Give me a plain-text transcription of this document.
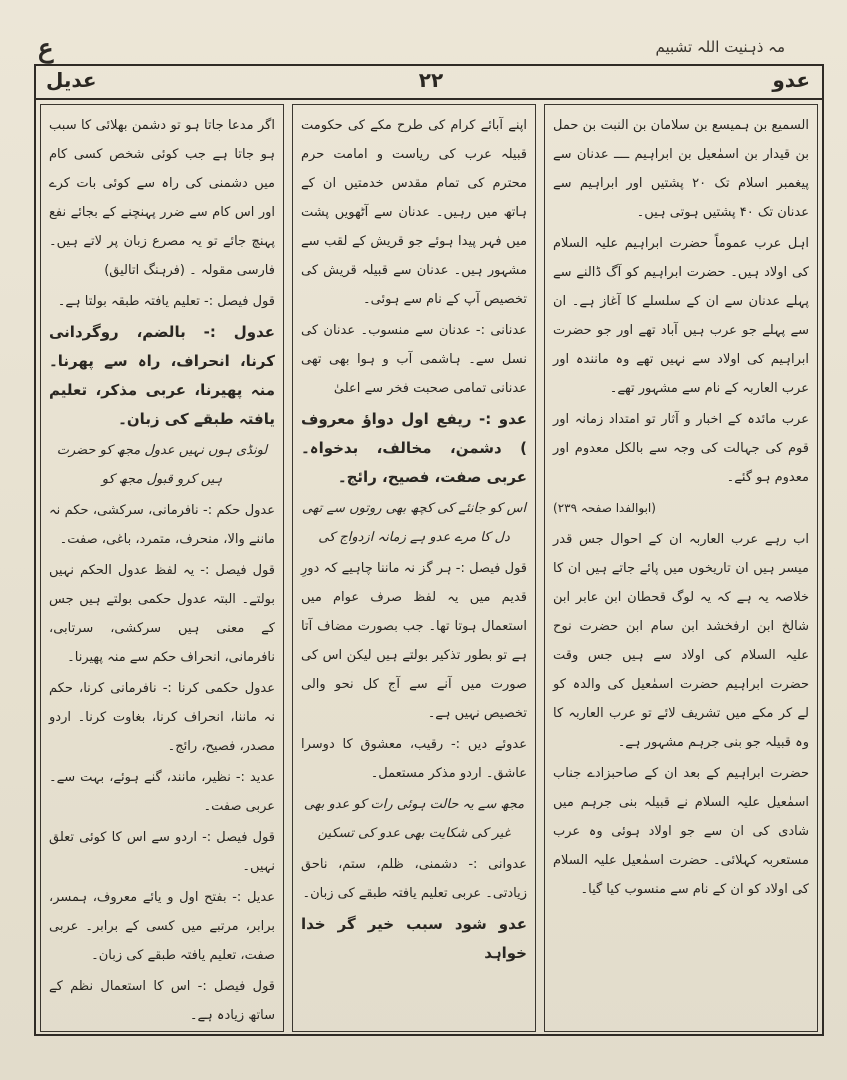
ع	مہ ذہنیت اللہ تشبیم
عدو
۲۲
عدیل

السمیع بن ہمیسع بن سلامان بن النبت بن حمل بن قیدار بن اسمٰعیل بن ابراہیم ــــ عدنان سے پیغمبر اسلام تک ۲۰ پشتیں اور ابراہیم سے عدنان تک ۴۰ پشتیں ہوتی ہیں۔

اہل عرب عموماً حضرت ابراہیم علیہ السلام کی اولاد ہیں۔ حضرت ابراہیم کو آگ ڈالنے سے پہلے عدنان سے ان کے سلسلے کا آغاز ہے۔ ان سے پہلے جو عرب ہیں آباد تھے اور جو حضرت ابراہیم کی اولاد سے نہیں تھے وہ مانندہ اور عرب العاربہ کے نام سے مشہور تھے۔

عرب مائدہ کے اخبار و آثار تو امتداد زمانہ اور قوم کی جہالت کی وجہ سے بالکل معدوم اور معدوم ہو گئے۔

(ابوالفدا صفحہ ۲۳۹)

اب رہے عرب العاربہ ان کے احوال جس قدر میسر ہیں ان تاریخوں میں پائے جاتے ہیں ان کا خلاصہ یہ ہے کہ یہ لوگ قحطان ابن عابر ابن شالخ ابن ارفخشد ابن سام ابن حضرت نوح علیہ السلام کی اولاد سے ہیں جس وقت حضرت ابراہیم حضرت اسمٰعیل کی والدہ کو لے کر مکے میں تشریف لائے تو عرب العاربہ کا وہ قبیلہ جو بنی جرہم مشہور ہے۔

حضرت ابراہیم کے بعد ان کے صاحبزادے جناب اسمٰعیل علیہ السلام نے قبیلہ بنی جرہم میں شادی کی ان سے جو اولاد ہوئی وہ عرب مستعربہ کہلائی۔ حضرت اسمٰعیل علیہ السلام کی اولاد کو ان کے نام سے منسوب کیا گیا۔

اپنے آبائے کرام کی طرح مکے کی حکومت قبیلہ عرب کی ریاست و امامت حرم محترم کی تمام مقدس خدمتیں ان کے ہاتھ میں رہیں۔ عدنان سے آٹھویں پشت میں فہر پیدا ہوئے جو قریش کے لقب سے مشہور ہیں۔ عدنان سے قبیلہ قریش کی تخصیص آپ کے نام سے ہوئی۔

عدنانی :- عدنان سے منسوب۔ عدنان کی نسل سے۔ ہاشمی آب و ہوا بھی تھی عدنانی تمامی صحبت فخر سے اعلیٰ

عدو :- ریفع اول دواؤ معروف ) دشمن، مخالف، بدخواہ۔ عربی صفت، فصیح، رائج۔

اس کو جانئے کی کچھ بھی روتوں سے تھی دل کا مرے عدو ہے زمانہ ازدواج کی

قول فیصل :- ہر گز نہ ماننا چاہیے کہ دورِ قدیم میں یہ لفظ صرف عوام میں استعمال ہوتا تھا۔ جب بصورت مضاف آتا ہے تو بطور تذکیر بولتے ہیں لیکن اس کی صورت میں آنے سے آج کل نحو والی تخصیص نہیں ہے۔

عدوئے دیں :- رقیب، معشوق کا دوسرا عاشق۔ اردو مذکر مستعمل۔

مجھ سے یہ حالت ہوئی رات کو عدو بھی غیر کی شکایت بھی عدو کی تسکین

عدوانی :- دشمنی، ظلم، ستم، ناحق زیادتی۔ عربی تعلیم یافتہ طبقے کی زبان۔

عدو شود سبب خیر گر خدا خواہد

اگر مدعا جاتا ہو تو دشمن بھلائی کا سبب ہو جاتا ہے جب کوئی شخص کسی کام میں دشمنی کی راہ سے کوئی بات کرے اور اس کام سے ضرر پہنچنے کے بجائے نفع پہنچ جائے تو یہ مصرع زبان پر لاتے ہیں۔ فارسی مقولہ ۔ (فرہنگ اتالیق)

قول فیصل :- تعلیم یافتہ طبقہ بولتا ہے۔

عدول :- بالضم، روگردانی کرنا، انحراف، راہ سے پھرنا۔ منہ پھیرنا، عربی مذکر، تعلیم یافتہ طبقے کی زبان۔

لونڈی ہوں نہیں عدول مجھ کو حضرت ہیں کرو قبول مجھ کو

عدول حکم :- نافرمانی، سرکشی، حکم نہ ماننے والا، منحرف، متمرد، باغی، صفت۔

قول فیصل :- یہ لفظ عدول الحکم نہیں بولتے۔ البتہ عدول حکمی بولتے ہیں جس کے معنی ہیں سرکشی، سرتابی، نافرمانی، انحراف حکم سے منہ پھیرنا۔

عدول حکمی کرنا :- نافرمانی کرنا، حکم نہ ماننا، انحراف کرنا، بغاوت کرنا۔ اردو مصدر، فصیح، رائج۔

عدید :- نظیر، مانند، گنے ہوئے، بہت سے۔ عربی صفت۔

قول فیصل :- اردو سے اس کا کوئی تعلق نہیں۔

عدیل :- بفتح اول و یائے معروف، ہمسر، برابر، مرتبے میں کسی کے برابر۔ عربی صفت، تعلیم یافتہ طبقے کی زبان۔

قول فیصل :- اس کا استعمال نظم کے ساتھ زیادہ ہے۔
